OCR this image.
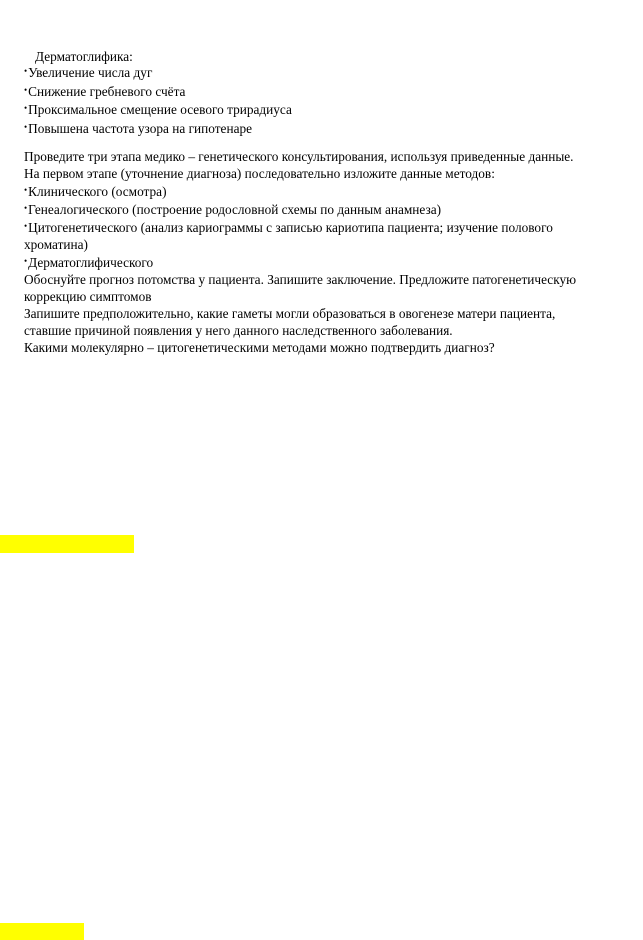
Дерматоглифика:
•Увеличение числа дуг
•Снижение гребневого счёта
•Проксимальное смещение осевого трирадиуса
•Повышена частота узора на гипотенаре
Проведите три этапа медико – генетического консультирования, используя приведенные данные.
На первом этапе (уточнение диагноза) последовательно изложите данные методов:
•Клинического (осмотра)
•Генеалогического (построение родословной схемы по данным анамнеза)
•Цитогенетического (анализ кариограммы с записью кариотипа пациента; изучение полового
хроматина)
•Дерматоглифического
Обоснуйте прогноз потомства у пациента. Запишите заключение. Предложите патогенетическую
коррекцию симптомов
Запишите предположительно, какие гаметы могли образоваться в овогенезе матери пациента,
ставшие причиной появления у него данного наследственного заболевания.
Какими молекулярно – цитогенетическими методами можно подтвердить диагноз?
